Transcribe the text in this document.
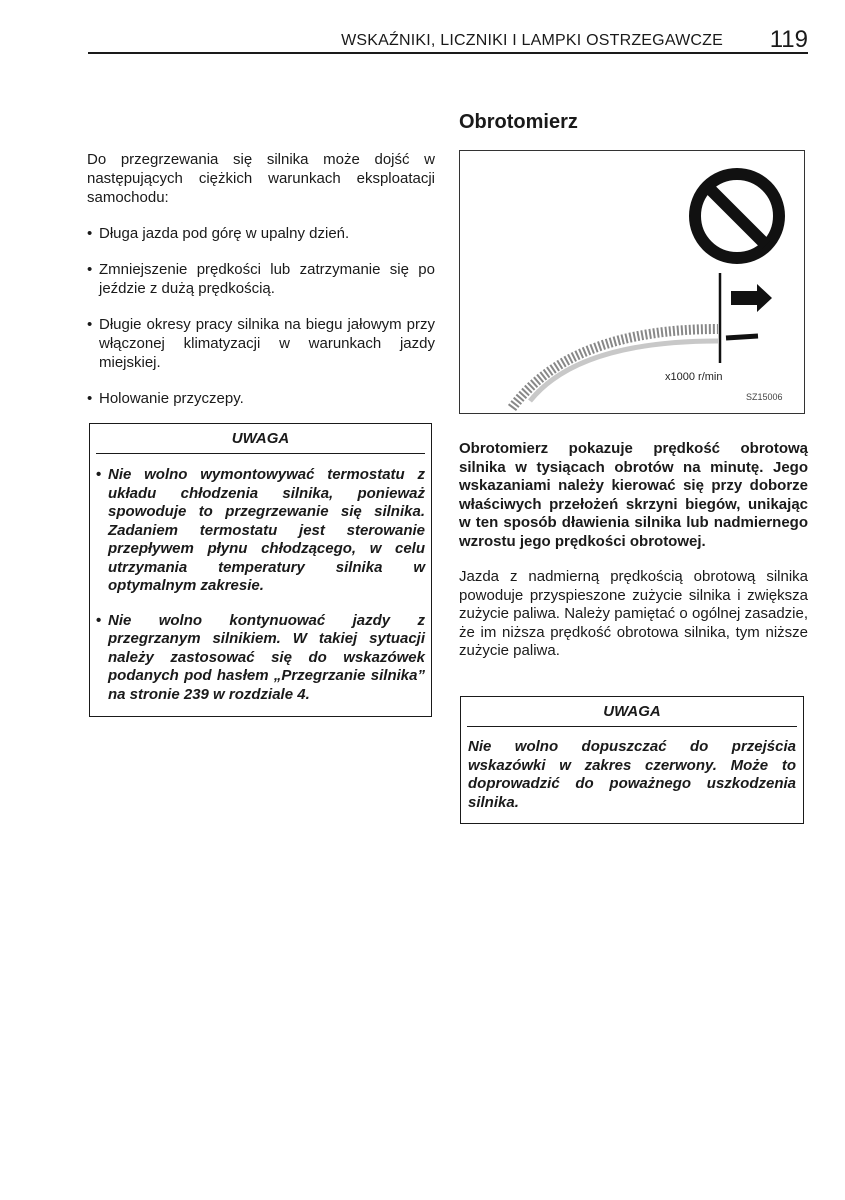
WSKAŹNIKI, LICZNIKI I LAMPKI OSTRZEGAWCZE 119

Do przegrzewania się silnika może dojść w następujących ciężkich warunkach eksploatacji samochodu:

• Długa jazda pod górę w upalny dzień.
• Zmniejszenie prędkości lub zatrzymanie się po jeździe z dużą prędkością.
• Długie okresy pracy silnika na biegu jałowym przy włączonej klimatyzacji w warunkach jazdy miejskiej.
• Holowanie przyczepy.
UWAGA
• Nie wolno wymontowywać termostatu z układu chłodzenia silnika, ponieważ spowoduje to przegrzewanie się silnika. Zadaniem termostatu jest sterowanie przepływem płynu chłodzącego, w celu utrzymania temperatury silnika w optymalnym zakresie.
• Nie wolno kontynuować jazdy z przegrzanym silnikiem. W takiej sytuacji należy zastosować się do wskazówek podanych pod hasłem „Przegrzanie silnika” na stronie 239 w rozdziale 4.
Obrotomierz
x1000 r/min
SZ15006

Obrotomierz pokazuje prędkość obrotową silnika w tysiącach obrotów na minutę. Jego wskazaniami należy kierować się przy doborze właściwych przełożeń skrzyni biegów, unikając w ten sposób dławienia silnika lub nadmiernego wzrostu jego prędkości obrotowej.

Jazda z nadmierną prędkością obrotową silnika powoduje przyspieszone zużycie silnika i zwiększa zużycie paliwa. Należy pamiętać o ogólnej zasadzie, że im niższa prędkość obrotowa silnika, tym niższe zużycie paliwa.

UWAGA
Nie wolno dopuszczać do przejścia wskazówki w zakres czerwony. Może to doprowadzić do poważnego uszkodzenia silnika.
